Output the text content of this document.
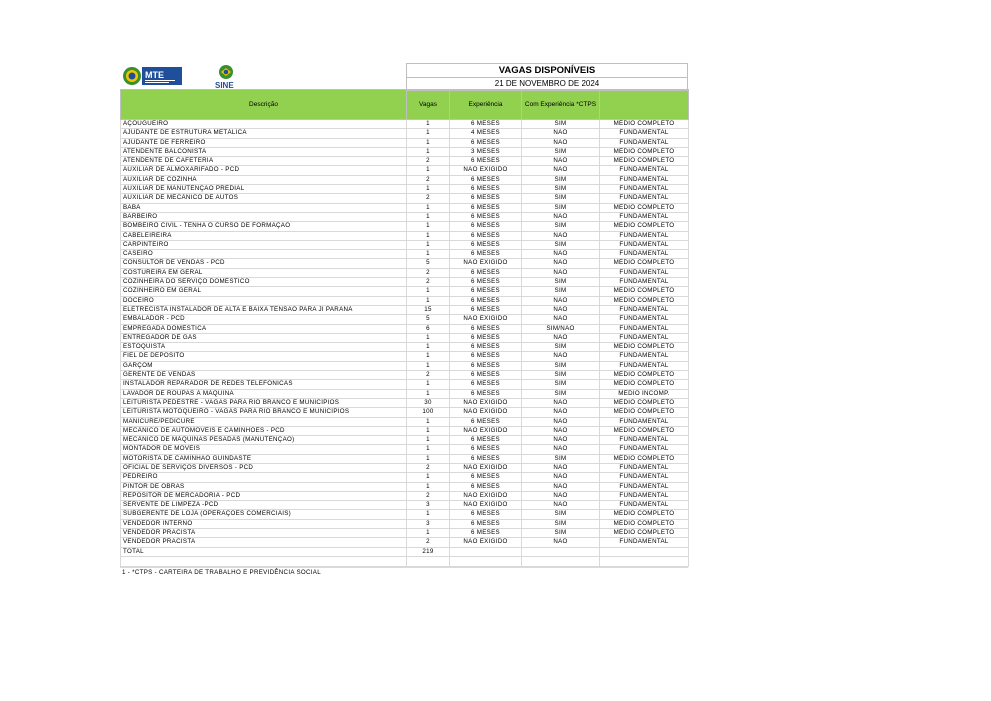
MTE
SINE
VAGAS DISPONÍVEIS
21 DE NOVEMBRO DE 2024
Descrição	Vagas	Experiência	Com Experiência *CTPS	
AÇOUGUEIRO	1	6 MESES	SIM	MÉDIO COMPLETO
AJUDANTE DE ESTRUTURA METÁLICA	1	4 MESES	NÃO	FUNDAMENTAL
AJUDANTE DE FERREIRO	1	6 MESES	NÃO	FUNDAMENTAL
ATENDENTE BALCONISTA	1	3 MESES	SIM	MÉDIO COMPLETO
ATENDENTE DE CAFETERIA	2	6 MESES	NÃO	MÉDIO COMPLETO
AUXILIAR DE ALMOXARIFADO - PCD	1	NÃO EXIGIDO	NÃO	FUNDAMENTAL
AUXILIAR DE COZINHA	2	6 MESES	SIM	FUNDAMENTAL
AUXILIAR DE MANUTENÇÃO PREDIAL	1	6 MESES	SIM	FUNDAMENTAL
AUXILIAR DE MECÂNICO DE AUTOS	2	6 MESES	SIM	FUNDAMENTAL
BABÁ	1	6 MESES	SIM	MÉDIO COMPLETO
BARBEIRO	1	6 MESES	NÃO	FUNDAMENTAL
BOMBEIRO CIVIL - TENHA O CURSO DE FORMAÇÃO	1	6 MESES	SIM	MÉDIO COMPLETO
CABELEIREIRA	1	6 MESES	NÃO	FUNDAMENTAL
CARPINTEIRO	1	6 MESES	SIM	FUNDAMENTAL
CASEIRO	1	6 MESES	NÃO	FUNDAMENTAL
CONSULTOR DE VENDAS - PCD	5	NÃO EXIGIDO	NÃO	MÉDIO COMPLETO
COSTUREIRA EM GERAL	2	6 MESES	NÃO	FUNDAMENTAL
COZINHEIRA DO SERVIÇO DOMÉSTICO	2	6 MESES	SIM	FUNDAMENTAL
COZINHEIRO EM GERAL	1	6 MESES	SIM	MÉDIO COMPLETO
DOCEIRO	1	6 MESES	NÃO	MÉDIO COMPLETO
ELETRECISTA INSTALADOR DE ALTA E BAIXA TENSÃO PARA JI PARANÁ	15	6 MESES	NÃO	FUNDAMENTAL
EMBALADOR - PCD	5	NÃO EXIGIDO	NÃO	FUNDAMENTAL
EMPREGADA DOMÉSTICA	6	6 MESES	SIM/NÃO	FUNDAMENTAL
ENTREGADOR DE GÁS	1	6 MESES	NÃO	FUNDAMENTAL
ESTOQUISTA	1	6 MESES	SIM	MÉDIO COMPLETO
FIEL DE DEPÓSITO	1	6 MESES	NÃO	FUNDAMENTAL
GARÇOM	1	6 MESES	SIM	FUNDAMENTAL
GERENTE DE VENDAS	2	6 MESES	SIM	MÉDIO COMPLETO
INSTALADOR REPARADOR DE REDES TELEFÔNICAS	1	6 MESES	SIM	MÉDIO COMPLETO
LAVADOR DE ROUPAS À MÁQUINA	1	6 MESES	SIM	MÉDIO INCOMP.
LEITURISTA PEDESTRE - VAGAS PARA RIO BRANCO E MUNICÍPIOS	30	NÃO EXIGIDO	NÃO	MÉDIO COMPLETO
LEITURISTA MOTOQUEIRO - VAGAS PARA RIO BRANCO E MUNICÍPIOS	100	NÃO EXIGIDO	NÃO	MÉDIO COMPLETO
MANICURE/PEDICURE	1	6 MESES	NÃO	FUNDAMENTAL
MECÂNICO DE AUTOMÓVEIS E CAMINHÕES - PCD	1	NÃO EXIGIDO	NÃO	MÉDIO COMPLETO
MECÂNICO DE MÁQUINAS PESADAS (MANUTENÇÃO)	1	6 MESES	NÃO	FUNDAMENTAL
MONTADOR DE MOVEIS	1	6 MESES	NÃO	FUNDAMENTAL
MOTORISTA DE CAMINHÃO GUINDASTE	1	6 MESES	SIM	MÉDIO COMPLETO
OFICIAL DE SERVIÇOS DIVERSOS - PCD	2	NÃO EXIGIDO	NÃO	FUNDAMENTAL
PEDREIRO	1	6 MESES	NÃO	FUNDAMENTAL
PINTOR DE OBRAS	1	6 MESES	NÃO	FUNDAMENTAL
REPOSITOR DE MERCADORIA - PCD	2	NÃO EXIGIDO	NÃO	FUNDAMENTAL
SERVENTE DE LIMPEZA -PCD	3	NÃO EXIGIDO	NÃO	FUNDAMENTAL
SUBGERENTE DE LOJA (OPERAÇÕES COMERCIAIS)	1	6 MESES	SIM	MÉDIO COMPLETO
VENDEDOR INTERNO	3	6 MESES	SIM	MÉDIO COMPLETO
VENDEDOR PRACISTA	1	6 MESES	SIM	MÉDIO COMPLETO
VENDEDOR PRACISTA	2	NÃO EXIGIDO	NÃO	FUNDAMENTAL
TOTAL	219			

1 - *CTPS - CARTEIRA DE TRABALHO E PREVIDÊNCIA SOCIAL
